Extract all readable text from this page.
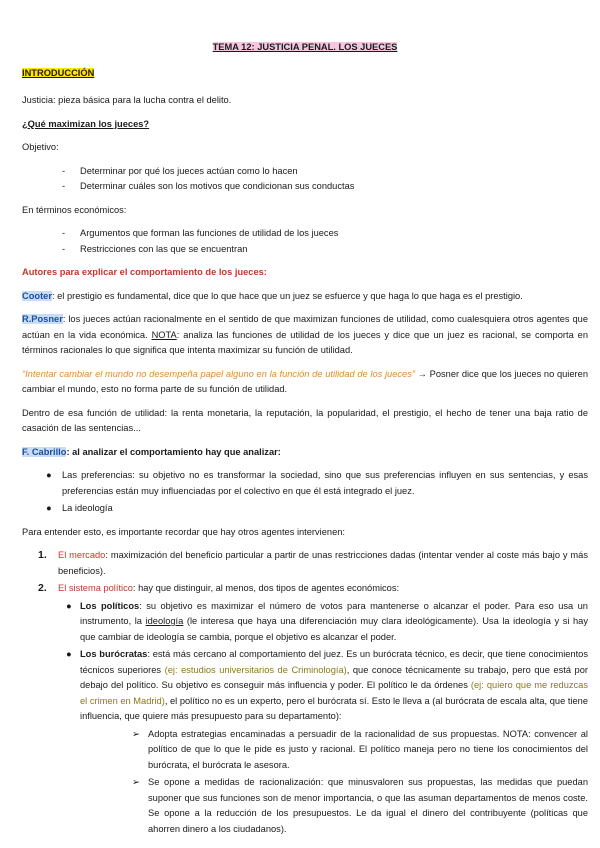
TEMA 12: JUSTICIA PENAL. LOS JUECES
INTRODUCCIÓN

Justicia: pieza básica para la lucha contra el delito.

¿Qué maximizan los jueces?

Objetivo:

-	Determinar por qué los jueces actúan como lo hacen
-	Determinar cuáles son los motivos que condicionan sus conductas

En términos económicos:

-	Argumentos que forman las funciones de utilidad de los jueces
-	Restricciones con las que se encuentran

Autores para explicar el comportamiento de los jueces:

Cooter: el prestigio es fundamental, dice que lo que hace que un juez se esfuerce y que haga lo que haga es el prestigio.

R.Posner: los jueces actúan racionalmente en el sentido de que maximizan funciones de utilidad, como cualesquiera otros agentes que actúan en la vida económica. NOTA: analiza las funciones de utilidad de los jueces y dice que un juez es racional, se comporta en términos racionales lo que significa que intenta maximizar su función de utilidad.

“Intentar cambiar el mundo no desempeña papel alguno en la función de utilidad de los jueces” → Posner dice que los jueces no quieren cambiar el mundo, esto no forma parte de su función de utilidad.

Dentro de esa función de utilidad: la renta monetaria, la reputación, la popularidad, el prestigio, el hecho de tener una baja ratio de casación de las sentencias...

F. Cabrillo: al analizar el comportamiento hay que analizar:

●	Las preferencias: su objetivo no es transformar la sociedad, sino que sus preferencias influyen en sus sentencias, y esas preferencias están muy influenciadas por el colectivo en que él está integrado el juez.
●	La ideología

Para entender esto, es importante recordar que hay otros agentes intervienen:

1.	El mercado: maximización del beneficio particular a partir de unas restricciones dadas (intentar vender al coste más bajo y más beneficios).
2.	El sistema político: hay que distinguir, al menos, dos tipos de agentes económicos:
● Los políticos: su objetivo es maximizar el número de votos para mantenerse o alcanzar el poder. Para eso usa un instrumento, la ideología (le interesa que haya una diferenciación muy clara ideológicamente). Usa la ideología y si hay que cambiar de ideología se cambia, porque el objetivo es alcanzar el poder.
● Los burócratas: está más cercano al comportamiento del juez. Es un burócrata técnico, es decir, que tiene conocimientos técnicos superiores (ej: estudios universitarios de Criminología), que conoce técnicamente su trabajo, pero que está por debajo del político. Su objetivo es conseguir más influencia y poder. El político le da órdenes (ej: quiero que me reduzcas el crimen en Madrid), el político no es un experto, pero el burócrata sí. Esto le lleva a (al burócrata de escala alta, que tiene influencia, que quiere más presupuesto para su departamento):
➢ Adopta estrategias encaminadas a persuadir de la racionalidad de sus propuestas. NOTA: convencer al político de que lo que le pide es justo y racional. El político maneja pero no tiene los conocimientos del burócrata, el burócrata le asesora.
➢ Se opone a medidas de racionalización: que minusvaloren sus propuestas, las medidas que puedan suponer que sus funciones son de menor importancia, o que las asuman departamentos de menos coste. Se opone a la reducción de los presupuestos. Le da igual el dinero del contribuyente (políticas que ahorren dinero a los ciudadanos).
